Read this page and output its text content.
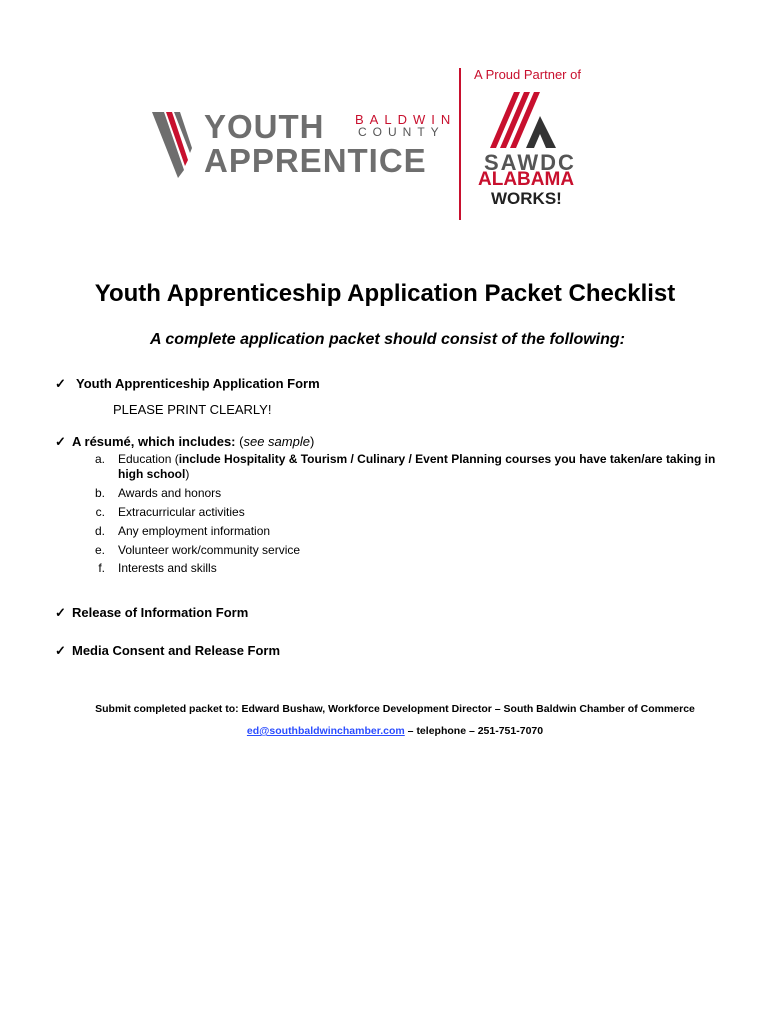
YOUTH
APPRENTICE
BALDWIN
COUNTY
A Proud Partner of
SAWDC
ALABAMA
WORKS!
Youth Apprenticeship Application Packet Checklist
A complete application packet should consist of the following:
✓ Youth Apprenticeship Application Form
PLEASE PRINT CLEARLY!
✓ A résumé, which includes: (see sample)
a. Education (include Hospitality & Tourism / Culinary / Event Planning courses you have taken/are taking in high school)
b. Awards and honors
c. Extracurricular activities
d. Any employment information
e. Volunteer work/community service
f. Interests and skills
✓ Release of Information Form
✓ Media Consent and Release Form
Submit completed packet to: Edward Bushaw, Workforce Development Director – South Baldwin Chamber of Commerce
ed@southbaldwinchamber.com – telephone – 251-751-7070
